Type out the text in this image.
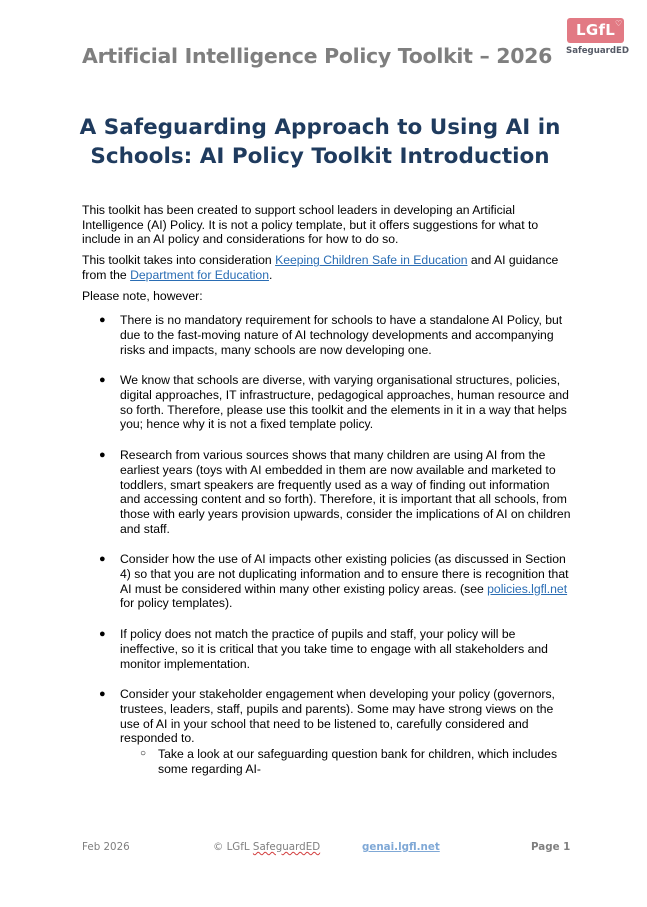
Artificial Intelligence Policy Toolkit – 2026
LGfL ♡
SafeguardED
A Safeguarding Approach to Using AI in
Schools: AI Policy Toolkit Introduction

This toolkit has been created to support school leaders in developing an Artificial Intelligence (AI) Policy. It is not a policy template, but it offers suggestions for what to include in an AI policy and considerations for how to do so.

This toolkit takes into consideration Keeping Children Safe in Education and AI guidance from the Department for Education.

Please note, however:

● There is no mandatory requirement for schools to have a standalone AI Policy, but due to the fast-moving nature of AI technology developments and accompanying risks and impacts, many schools are now developing one.
● We know that schools are diverse, with varying organisational structures, policies, digital approaches, IT infrastructure, pedagogical approaches, human resource and so forth. Therefore, please use this toolkit and the elements in it in a way that helps you; hence why it is not a fixed template policy.
● Research from various sources shows that many children are using AI from the earliest years (toys with AI embedded in them are now available and marketed to toddlers, smart speakers are frequently used as a way of finding out information and accessing content and so forth). Therefore, it is important that all schools, from those with early years provision upwards, consider the implications of AI on children and staff.
● Consider how the use of AI impacts other existing policies (as discussed in Section 4) so that you are not duplicating information and to ensure there is recognition that AI must be considered within many other existing policy areas. (see policies.lgfl.net for policy templates).
● If policy does not match the practice of pupils and staff, your policy will be ineffective, so it is critical that you take time to engage with all stakeholders and monitor implementation.
● Consider your stakeholder engagement when developing your policy (governors, trustees, leaders, staff, pupils and parents). Some may have strong views on the use of AI in your school that need to be listened to, carefully considered and responded to.
○ Take a look at our safeguarding question bank for children, which includes some regarding AI-
Feb 2026	© LGfL SafeguardED	genai.lgfl.net	Page 1
